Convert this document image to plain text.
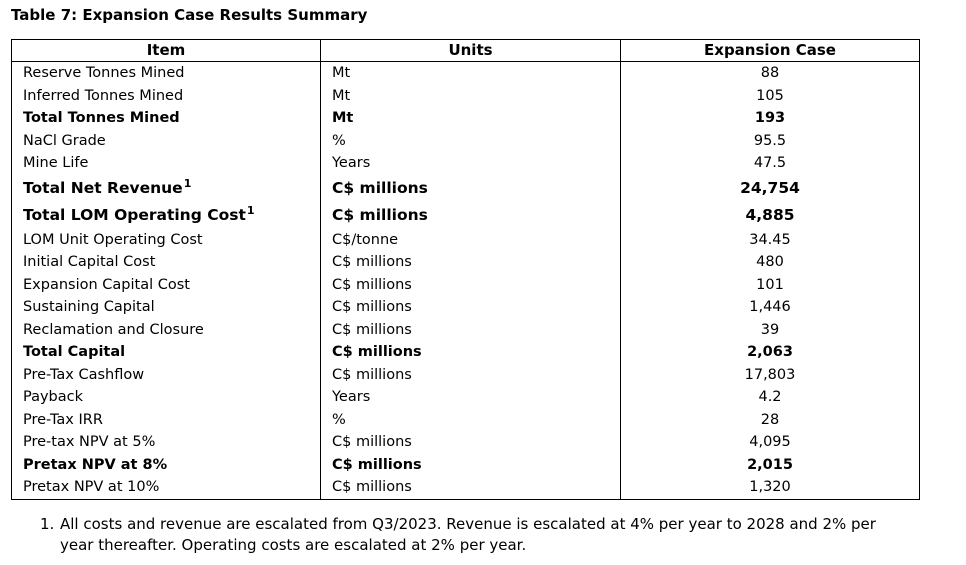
Table 7: Expansion Case Results Summary
Item	Units	Expansion Case
Reserve Tonnes Mined	Mt	88
Inferred Tonnes Mined	Mt	105
Total Tonnes Mined	Mt	193
NaCl Grade	%	95.5
Mine Life	Years	47.5
Total Net Revenue$^1$	C$ millions	24,754
Total LOM Operating Cost$^1$	C$ millions	4,885
LOM Unit Operating Cost	C$/tonne	34.45
Initial Capital Cost	C$ millions	480
Expansion Capital Cost	C$ millions	101
Sustaining Capital	C$ millions	1,446
Reclamation and Closure	C$ millions	39
Total Capital	C$ millions	2,063
Pre-Tax Cashflow	C$ millions	17,803
Payback	Years	4.2
Pre-Tax IRR	%	28
Pre-tax NPV at 5%	C$ millions	4,095
Pretax NPV at 8%	C$ millions	2,015
Pretax NPV at 10%	C$ millions	1,320
1. All costs and revenue are escalated from Q3/2023. Revenue is escalated at 4% per year to 2028 and 2% per year thereafter. Operating costs are escalated at 2% per year.
